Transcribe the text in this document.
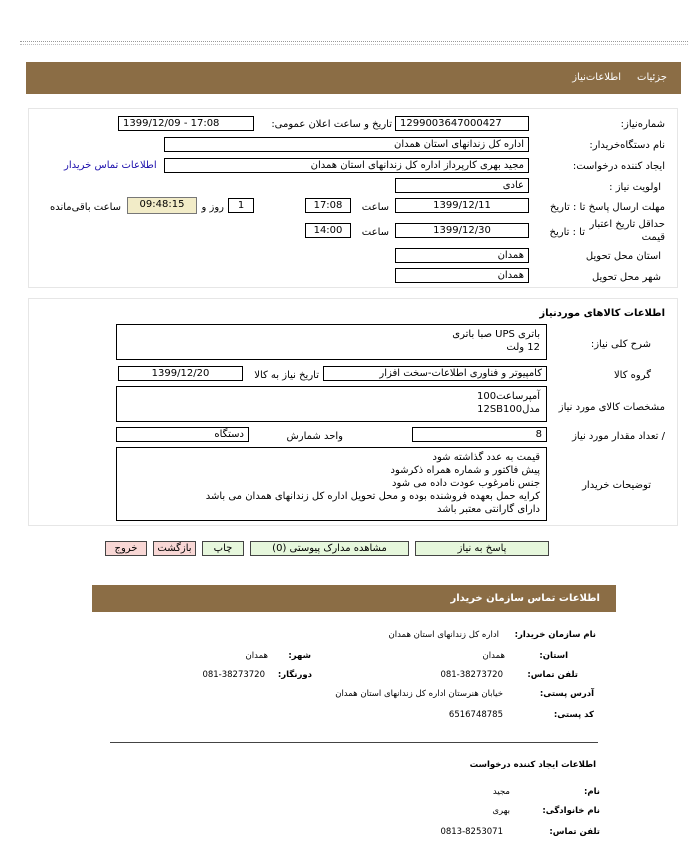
جزئيات
اطلاعات‌نیاز
شماره‌نیاز:
1299003647000427
تاریخ و ساعت اعلان عمومی:
1399/12/09 - 17:08
نام دستگاه‌خریدار:
اداره کل زندانهای استان همدان
ایجاد کننده درخواست:
مجید بهری کارپرداز اداره کل زندانهای استان همدان
اطلاعات تماس خریدار
اولویت نیاز :
عادی
مهلت ارسال پاسخ تا : تاریخ
1399/12/11
ساعت
17:08
1
روز و
09:48:15
ساعت باقی‌مانده
حداقل تاریخ اعتبار
قیمت
تا : تاریخ
1399/12/30
ساعت
14:00
استان محل تحویل
همدان
شهر محل تحویل
همدان
اطلاعات کالاهای موردنیاز
شرح کلی نیاز:
باتری UPS صبا باتری
12 ولت
گروه کالا
کامپیوتر و فناوری اطلاعات-سخت افزار
تاریخ نیاز به کالا
1399/12/20
مشخصات کالای مورد نیاز
آمپرساعت100
مدل12SB100
/ تعداد مقدار مورد نیاز
8
واحد شمارش
دستگاه
توضیحات خریدار
قیمت به عدد گذاشته شود
پیش فاکتور و شماره همراه ذکرشود
جنس نامرغوب عودت داده می شود
کرایه حمل بعهده فروشنده بوده و محل تحویل اداره کل زندانهای همدان می باشد
دارای گارانتی معتبر باشد
پاسخ به نیاز
مشاهده مدارک پیوستی (0)
چاپ
بازگشت
خروج
اطلاعات تماس سازمان خریدار
نام سازمان خریدار:
اداره کل زندانهای استان همدان
استان:
همدان
شهر:
همدان
تلفن تماس:
081-38273720
دورنگار:
081-38273720
آدرس پستی:
خیابان هنرستان اداره کل زندانهای استان همدان
کد پستی:
6516748785
اطلاعات ایجاد کننده درخواست
نام:
مجید
نام خانوادگی:
بهری
تلفن تماس:
0813-8253071
